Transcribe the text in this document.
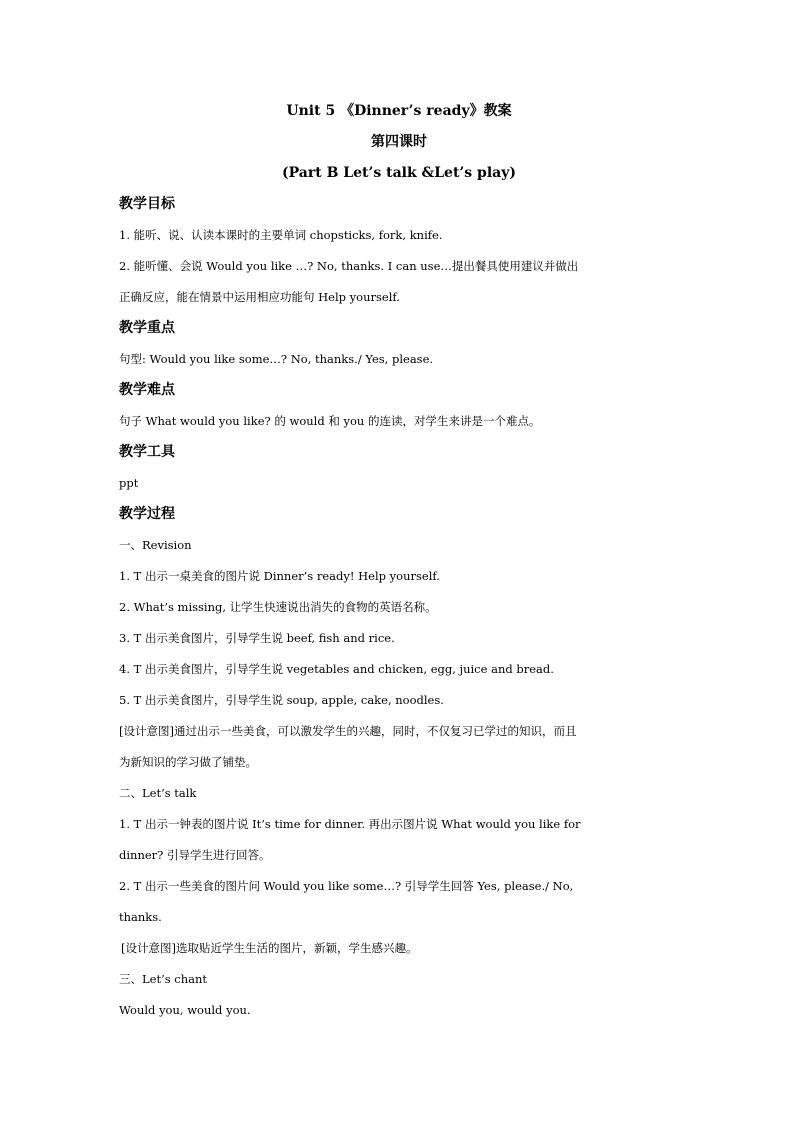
Unit 5 《Dinner’s ready》教案
第四课时
(Part B Let’s talk &Let’s play)
教学目标
1. 能听、说、认读本课时的主要单词 chopsticks, fork, knife.
2. 能听懂、会说 Would you like …? No, thanks. I can use…提出餐具使用建议并做出
正确反应，能在情景中运用相应功能句 Help yourself.
教学重点
句型: Would you like some…? No, thanks./ Yes, please.
教学难点
句子 What would you like? 的 would 和 you 的连读，对学生来讲是一个难点。
教学工具
ppt
教学过程
一、Revision
1. T 出示一桌美食的图片说 Dinner’s ready! Help yourself.
2. What’s missing, 让学生快速说出消失的食物的英语名称。
3. T 出示美食图片，引导学生说 beef, fish and rice.
4. T 出示美食图片，引导学生说 vegetables and chicken, egg, juice and bread.
5. T 出示美食图片，引导学生说 soup, apple, cake, noodles.
[设计意图]通过出示一些美食，可以激发学生的兴趣，同时，不仅复习已学过的知识，而且
为新知识的学习做了铺垫。
二、Let’s talk
1. T 出示一钟表的图片说 It’s time for dinner. 再出示图片说 What would you like for
dinner? 引导学生进行回答。
2. T 出示一些美食的图片问 Would you like some…? 引导学生回答 Yes, please./ No,
thanks.
[设计意图]选取贴近学生生活的图片，新颖，学生感兴趣。
三、Let’s chant
Would you, would you.
